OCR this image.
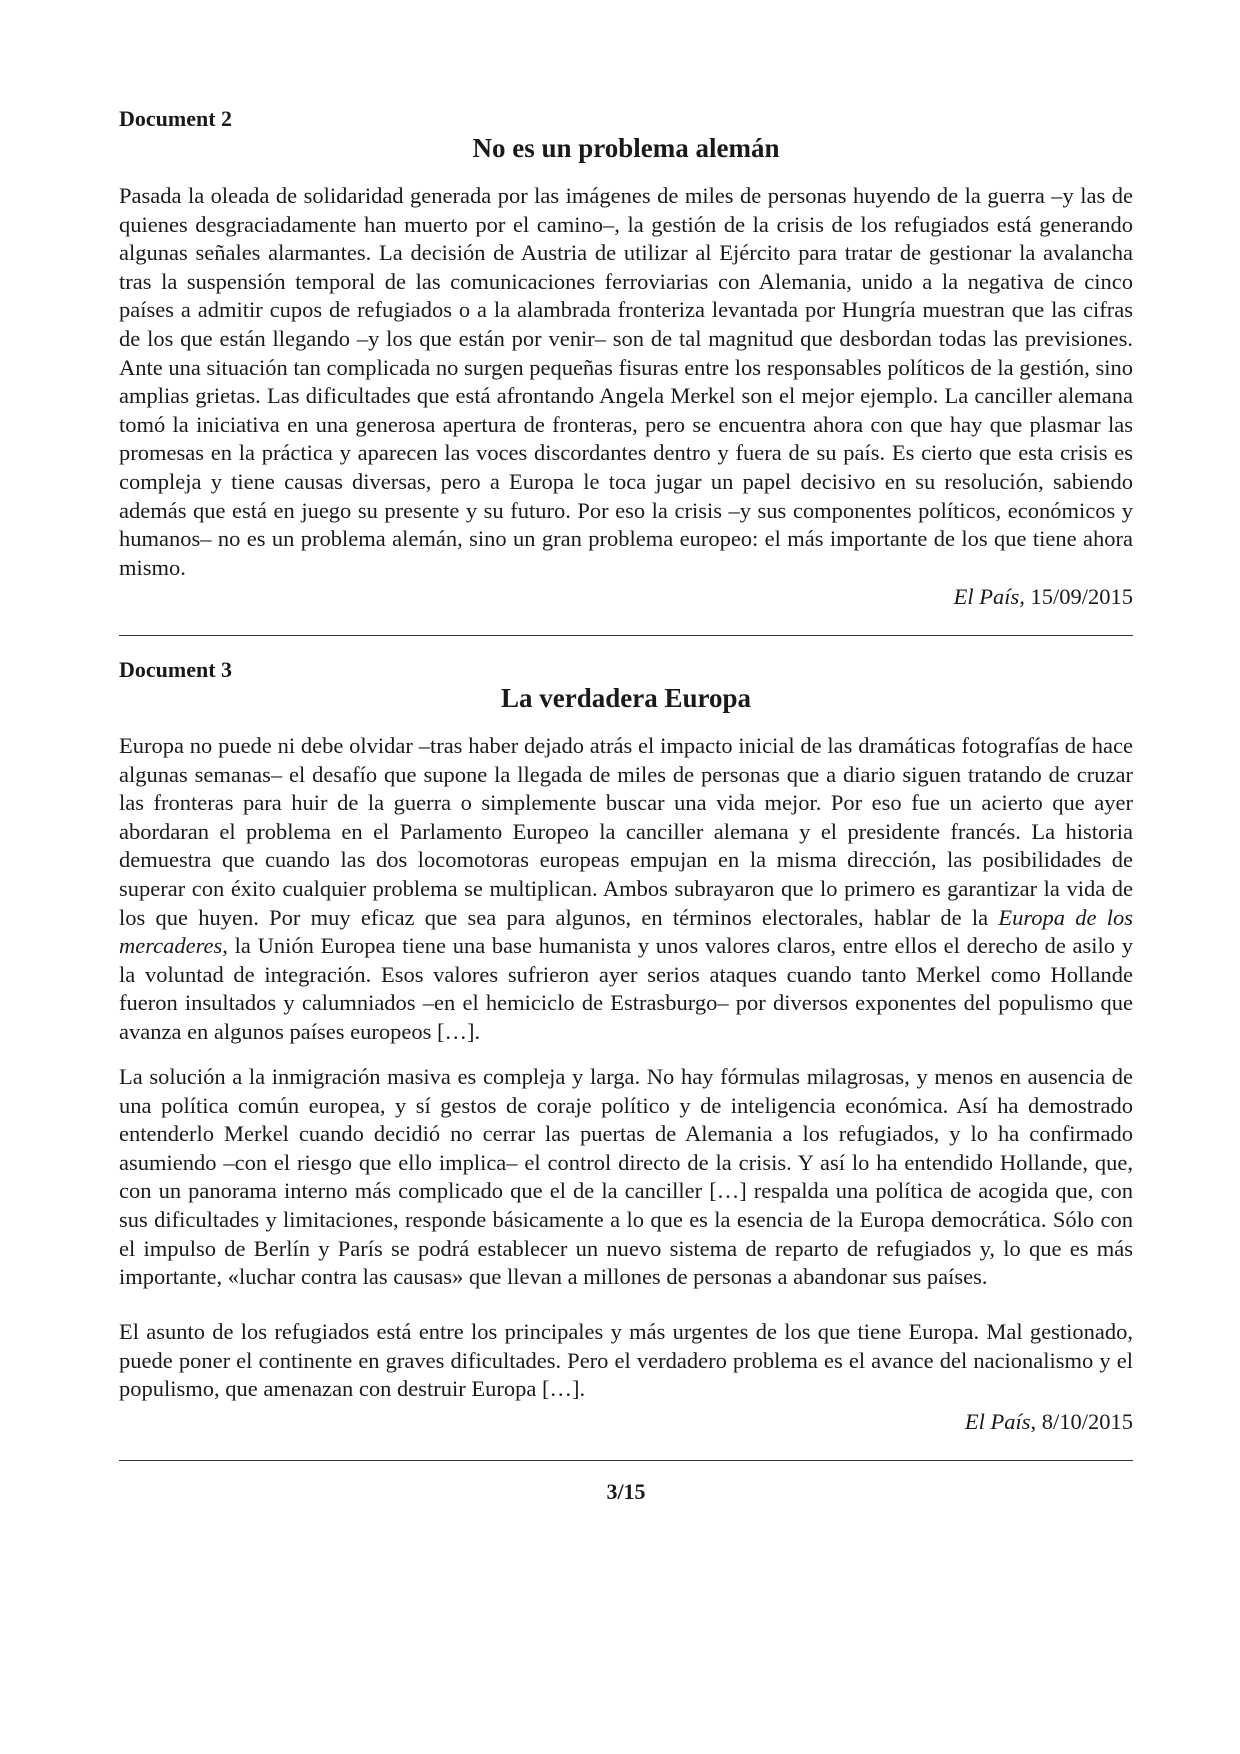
Document 2
No es un problema alemán

Pasada la oleada de solidaridad generada por las imágenes de miles de personas huyendo de la guerra –y las de quienes desgraciadamente han muerto por el camino–, la gestión de la crisis de los refugiados está generando algunas señales alarmantes. La decisión de Austria de utilizar al Ejército para tratar de gestionar la avalancha tras la suspensión temporal de las comunicaciones ferroviarias con Alemania, unido a la negativa de cinco países a admitir cupos de refugiados o a la alambrada fronteriza levantada por Hungría muestran que las cifras de los que están llegando –y los que están por venir– son de tal magnitud que desbordan todas las previsiones. Ante una situación tan complicada no surgen pequeñas fisuras entre los responsables políticos de la gestión, sino amplias grietas. Las dificultades que está afrontando Angela Merkel son el mejor ejemplo. La canciller alemana tomó la iniciativa en una generosa apertura de fronteras, pero se encuentra ahora con que hay que plasmar las promesas en la práctica y aparecen las voces discordantes dentro y fuera de su país. Es cierto que esta crisis es compleja y tiene causas diversas, pero a Europa le toca jugar un papel decisivo en su resolución, sabiendo además que está en juego su presente y su futuro. Por eso la crisis –y sus componentes políticos, económicos y humanos– no es un problema alemán, sino un gran problema europeo: el más importante de los que tiene ahora mismo.

El País, 15/09/2015
Document 3
La verdadera Europa

Europa no puede ni debe olvidar –tras haber dejado atrás el impacto inicial de las dramáticas fotografías de hace algunas semanas– el desafío que supone la llegada de miles de personas que a diario siguen tratando de cruzar las fronteras para huir de la guerra o simplemente buscar una vida mejor. Por eso fue un acierto que ayer abordaran el problema en el Parlamento Europeo la canciller alemana y el presidente francés. La historia demuestra que cuando las dos locomotoras europeas empujan en la misma dirección, las posibilidades de superar con éxito cualquier problema se multiplican. Ambos subrayaron que lo primero es garantizar la vida de los que huyen. Por muy eficaz que sea para algunos, en términos electorales, hablar de la Europa de los mercaderes, la Unión Europea tiene una base humanista y unos valores claros, entre ellos el derecho de asilo y la voluntad de integración. Esos valores sufrieron ayer serios ataques cuando tanto Merkel como Hollande fueron insultados y calumniados –en el hemiciclo de Estrasburgo– por diversos exponentes del populismo que avanza en algunos países europeos […].

La solución a la inmigración masiva es compleja y larga. No hay fórmulas milagrosas, y menos en ausencia de una política común europea, y sí gestos de coraje político y de inteligencia económica. Así ha demostrado entenderlo Merkel cuando decidió no cerrar las puertas de Alemania a los refugiados, y lo ha confirmado asumiendo –con el riesgo que ello implica– el control directo de la crisis. Y así lo ha entendido Hollande, que, con un panorama interno más complicado que el de la canciller […] respalda una política de acogida que, con sus dificultades y limitaciones, responde básicamente a lo que es la esencia de la Europa democrática. Sólo con el impulso de Berlín y París se podrá establecer un nuevo sistema de reparto de refugiados y, lo que es más importante, «luchar contra las causas» que llevan a millones de personas a abandonar sus países.

El asunto de los refugiados está entre los principales y más urgentes de los que tiene Europa. Mal gestionado, puede poner el continente en graves dificultades. Pero el verdadero problema es el avance del nacionalismo y el populismo, que amenazan con destruir Europa […].

El País, 8/10/2015
3/15
